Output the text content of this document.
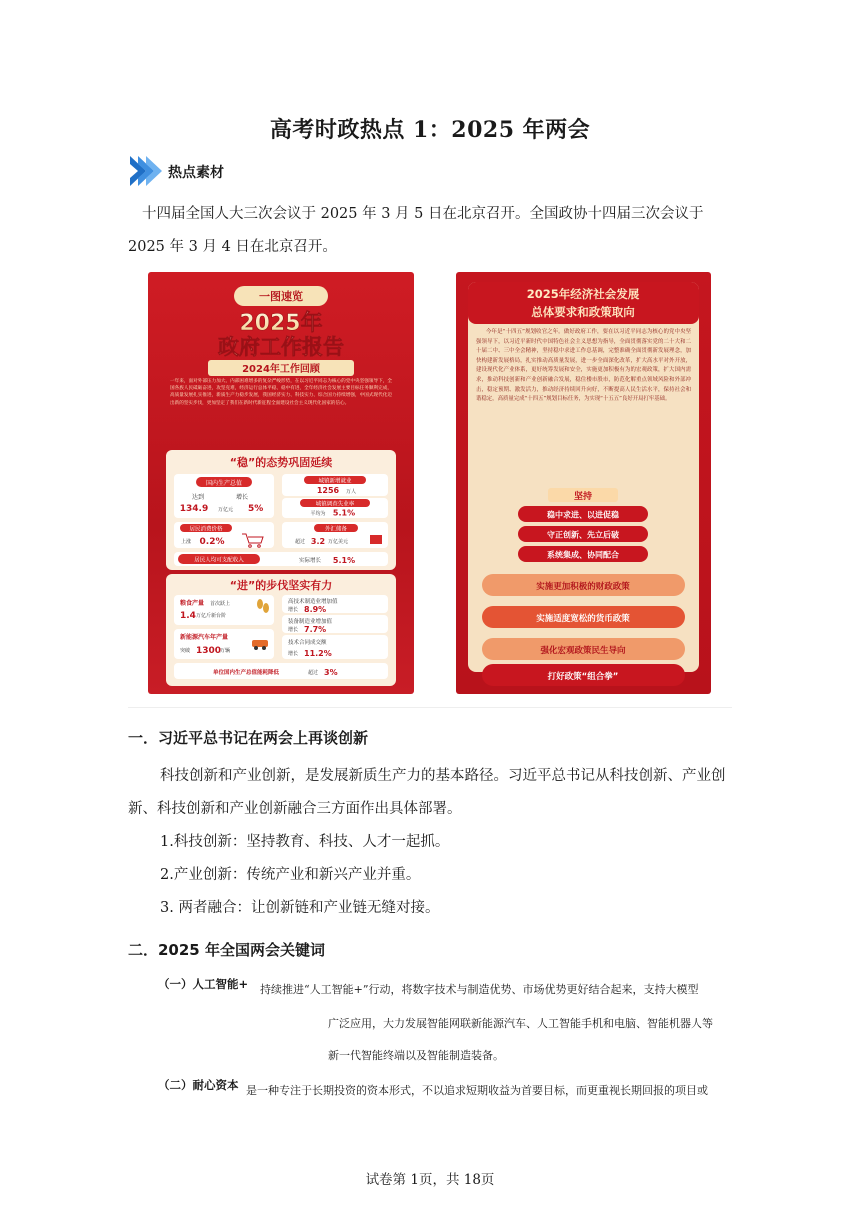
高考时政热点 1：2025 年两会
热点素材
十四届全国人大三次会议于 2025 年 3 月 5 日在北京召开。全国政协十四届三次会议于 2025 年 3 月 4 日在北京召开。
一图速览
2025年
政府工作报告
2024年工作回顾
一年来，面对外部压力加大、内部困难增多的复杂严峻形势，在以习近平同志为核心的党中央坚强领导下，全国各族人民砥砺奋进，攻坚克难，经济运行总体平稳、稳中有进，全年经济社会发展主要目标任务顺利完成，高质量发展扎实推进，新质生产力稳步发展，我国经济实力、科技实力、综合国力持续增强，中国式现代化迈出新的坚实步伐，更加坚定了我们在新时代新征程全面建设社会主义现代化国家的信心。
“稳”的态势巩固延续
国内生产总值
达到	增长
134.9 万亿元 5%
城镇新增就业
1256 万人
城镇调查失业率
平均为 5.1%
居民消费价格
上涨 0.2%
外汇储备
超过 3.2 万亿美元
居民人均可支配收入	实际增长 5.1%
“进”的步伐坚实有力
粮食产量 首次跃上
1.4 万亿斤新台阶
高技术制造业增加值
增长 8.9%
装备制造业增加值
增长 7.7%
新能源汽车年产量
突破 1300
万辆
技术合同成交额
增长 11.2%
单位国内生产总值能耗降低	超过 3%
2025年经济社会发展
总体要求和政策取向
今年是“十四五”规划收官之年。做好政府工作，要在以习近平同志为核心的党中央坚强领导下，以习近平新时代中国特色社会主义思想为指导，全面贯彻落实党的二十大和二十届二中、三中全会精神，坚持稳中求进工作总基调，完整准确全面贯彻新发展理念，加快构建新发展格局，扎实推动高质量发展，进一步全面深化改革，扩大高水平对外开放，建设现代化产业体系，更好统筹发展和安全，实施更加积极有为的宏观政策，扩大国内需求，推动科技创新和产业创新融合发展，稳住楼市股市，防范化解重点领域风险和外部冲击，稳定预期、激发活力，推动经济持续回升向好，不断提高人民生活水平，保持社会和谐稳定，高质量完成“十四五”规划目标任务，为实现“十五五”良好开局打牢基础。
坚持
稳中求进、以进促稳
守正创新、先立后破
系统集成、协同配合
实施更加积极的财政政策
实施适度宽松的货币政策
强化宏观政策民生导向
打好政策“组合拳”
一．习近平总书记在两会上再谈创新
科技创新和产业创新，是发展新质生产力的基本路径。习近平总书记从科技创新、产业创新、科技创新和产业创新融合三方面作出具体部署。
1.科技创新：坚持教育、科技、人才一起抓。
2.产业创新：传统产业和新兴产业并重。
3. 两者融合：让创新链和产业链无缝对接。
二．2025 年全国两会关键词
（一）人工智能+	持续推进“人工智能+”行动，将数字技术与制造优势、市场优势更好结合起来，支持大模型
广泛应用，大力发展智能网联新能源汽车、人工智能手机和电脑、智能机器人等
新一代智能终端以及智能制造装备。
（二）耐心资本 是一种专注于长期投资的资本形式，不以追求短期收益为首要目标，而更重视长期回报的项目或
试卷第 1页，共 18页
